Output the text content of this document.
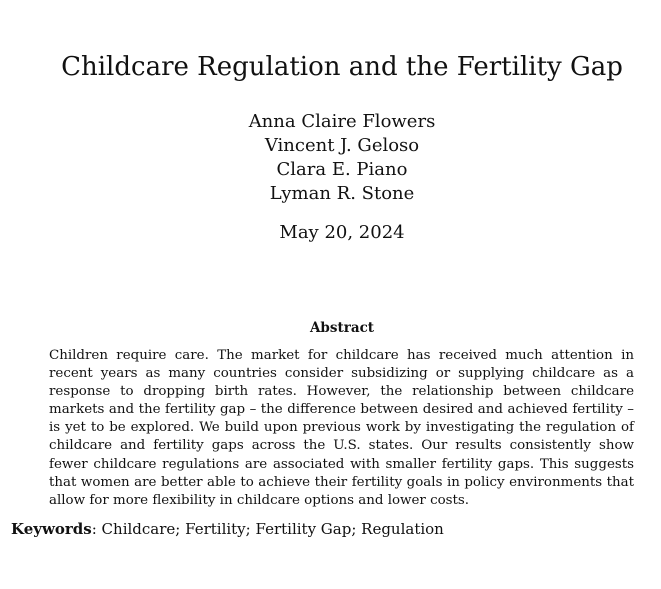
Childcare Regulation and the Fertility Gap
Anna Claire Flowers
Vincent J. Geloso
Clara E. Piano
Lyman R. Stone
May 20, 2024
Abstract

Children require care. The market for childcare has received much attention in recent years as many countries consider subsidizing or supplying childcare as a response to dropping birth rates. However, the relationship between childcare markets and the fertility gap – the difference between desired and achieved fertility – is yet to be explored. We build upon previous work by investigating the regulation of childcare and fertility gaps across the U.S. states. Our results consistently show fewer childcare regulations are associated with smaller fertility gaps. This suggests that women are better able to achieve their fertility goals in policy environments that allow for more flexibility in childcare options and lower costs.

Keywords: Childcare; Fertility; Fertility Gap; Regulation
